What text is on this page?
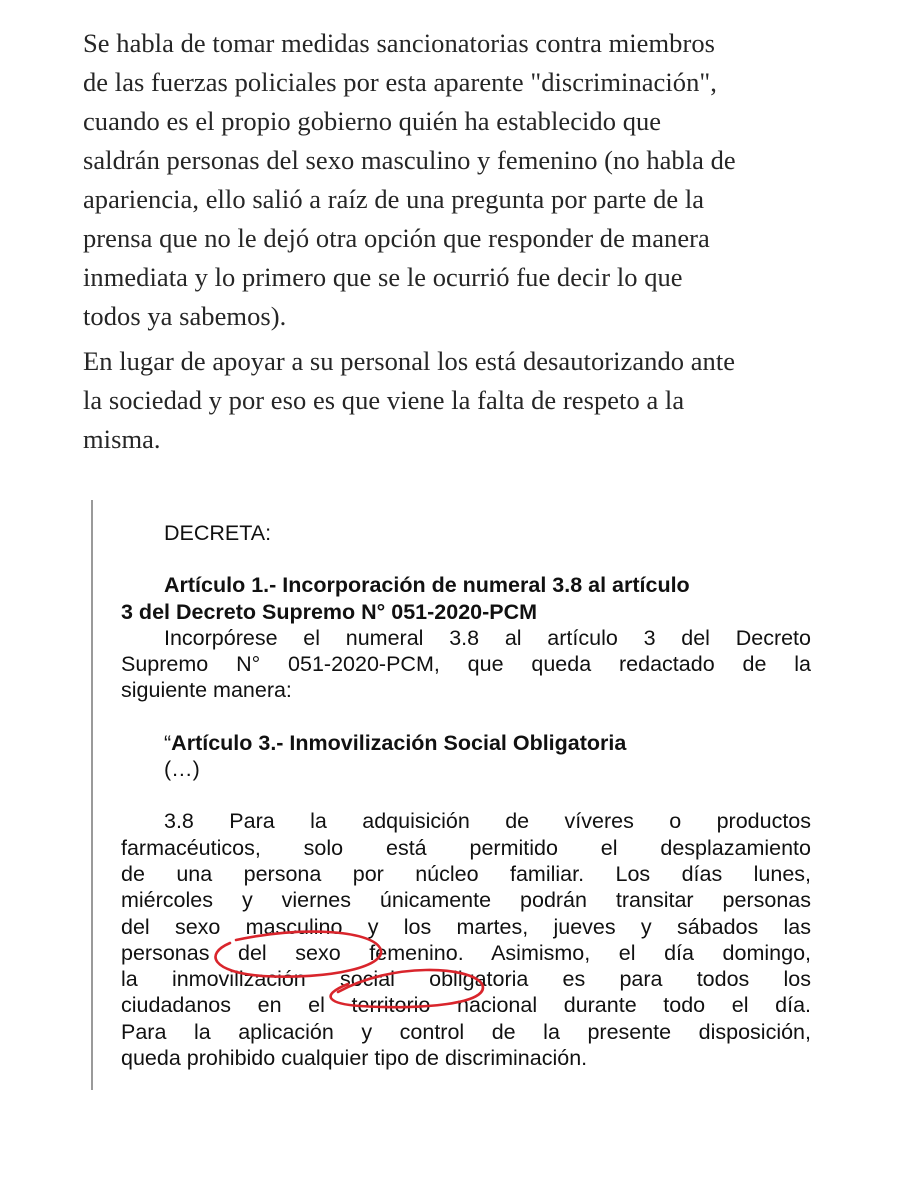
Se habla de tomar medidas sancionatorias contra miembros
de las fuerzas policiales por esta aparente "discriminación",
cuando es el propio gobierno quién ha establecido que
saldrán personas del sexo masculino y femenino (no habla de
apariencia, ello salió a raíz de una pregunta por parte de la
prensa que no le dejó otra opción que responder de manera
inmediata y lo primero que se le ocurrió fue decir lo que
todos ya sabemos).

En lugar de apoyar a su personal los está desautorizando ante
la sociedad y por eso es que viene la falta de respeto a la
misma.

DECRETA:
Artículo 1.- Incorporación de numeral 3.8 al artículo
3 del Decreto Supremo N° 051-2020-PCM
Incorpórese el numeral 3.8 al artículo 3 del Decreto
Supremo N° 051-2020-PCM, que queda redactado de la
siguiente manera:
“Artículo 3.- Inmovilización Social Obligatoria
(…)
3.8 Para la adquisición de víveres o productos
farmacéuticos, solo está permitido el desplazamiento
de una persona por núcleo familiar. Los días lunes,
miércoles y viernes únicamente podrán transitar personas
del sexo masculino y los martes, jueves y sábados las
personas del sexo femenino. Asimismo, el día domingo,
la inmovilización social obligatoria es para todos los
ciudadanos en el territorio nacional durante todo el día.
Para la aplicación y control de la presente disposición,
queda prohibido cualquier tipo de discriminación.
